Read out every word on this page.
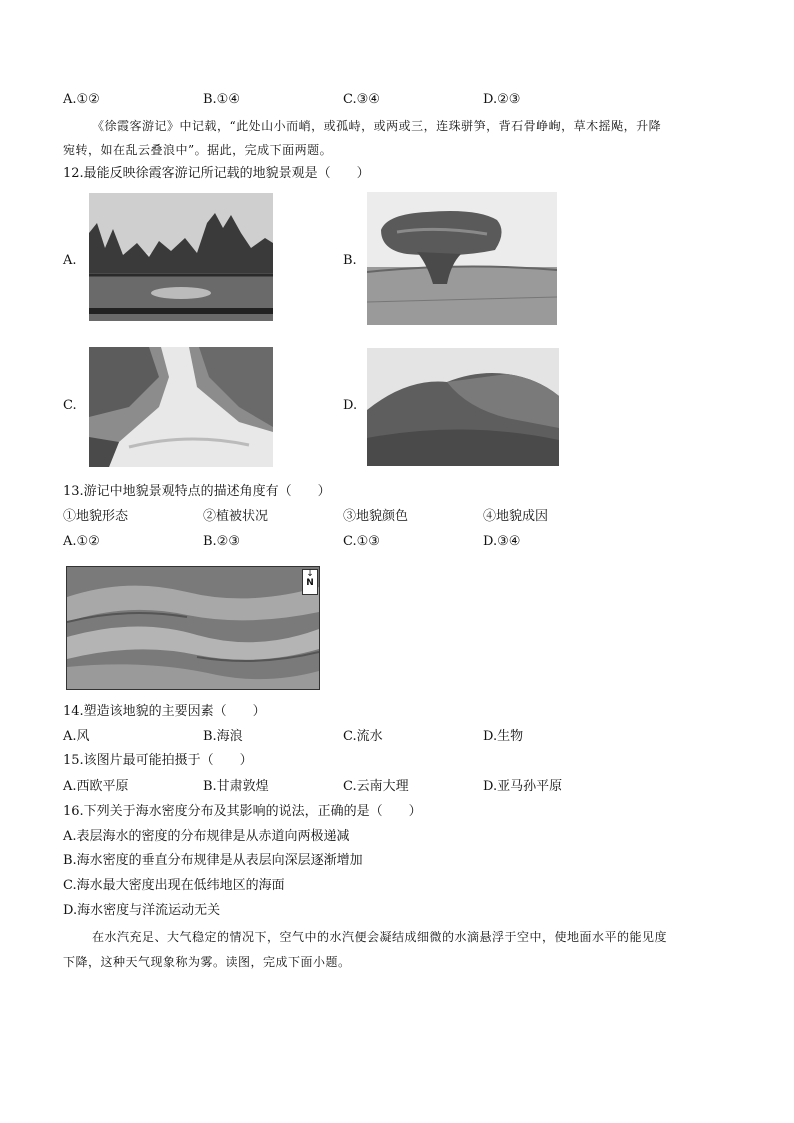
A.①②	B.①④	C.③④	D.②③
《徐霞客游记》中记载，“此处山小而峭，或孤峙，或两或三，连珠骈笋，背石骨峥峋，草木摇飐，升降
宛转，如在乱云叠浪中”。据此，完成下面两题。
12.最能反映徐霞客游记所记载的地貌景观是（　　）
A.	B.
C.	D.
13.游记中地貌景观特点的描述角度有（　　）
①地貌形态	②植被状况	③地貌颜色	④地貌成因
A.①②	B.②③	C.①③	D.③④
↓
N
14.塑造该地貌的主要因素（　　）
A.风	B.海浪	C.流水	D.生物
15.该图片最可能拍摄于（　　）
A.西欧平原	B.甘肃敦煌	C.云南大理	D.亚马孙平原
16.下列关于海水密度分布及其影响的说法，正确的是（　　）
A.表层海水的密度的分布规律是从赤道向两极递减
B.海水密度的垂直分布规律是从表层向深层逐渐增加
C.海水最大密度出现在低纬地区的海面
D.海水密度与洋流运动无关
在水汽充足、大气稳定的情况下，空气中的水汽便会凝结成细微的水滴悬浮于空中，使地面水平的能见度
下降，这种天气现象称为雾。读图，完成下面小题。
